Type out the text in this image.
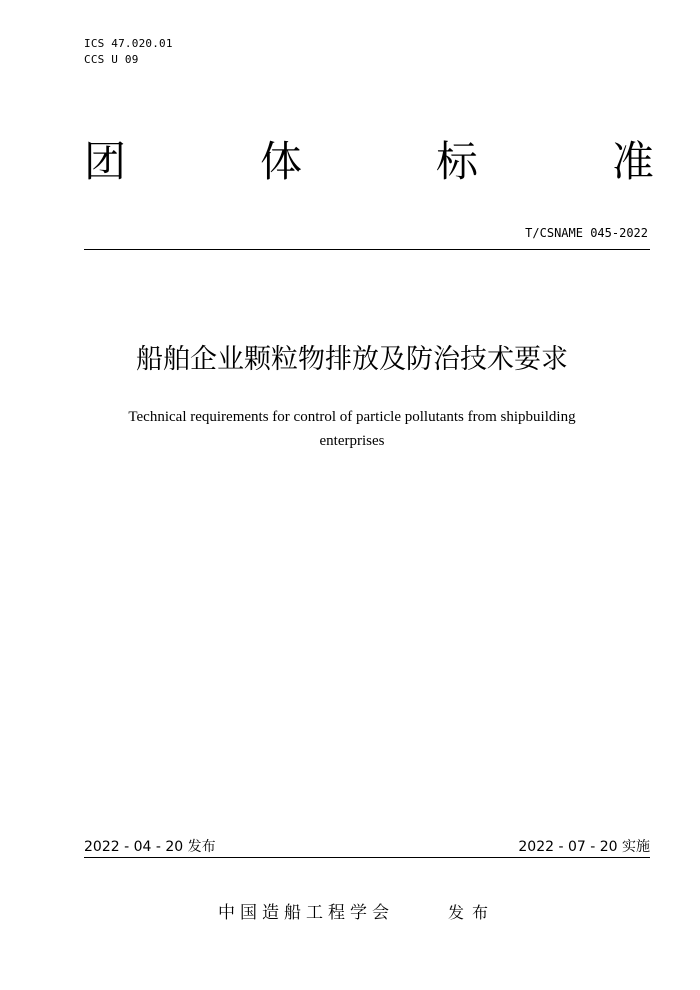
ICS 47.020.01
CCS U 09
团	体	标	准
T/CSNAME 045-2022
船舶企业颗粒物排放及防治技术要求
Technical requirements for control of particle pollutants from shipbuilding enterprises
2022 - 04 - 20 发布	2022 - 07 - 20 实施
中国造船工程学会	发布
